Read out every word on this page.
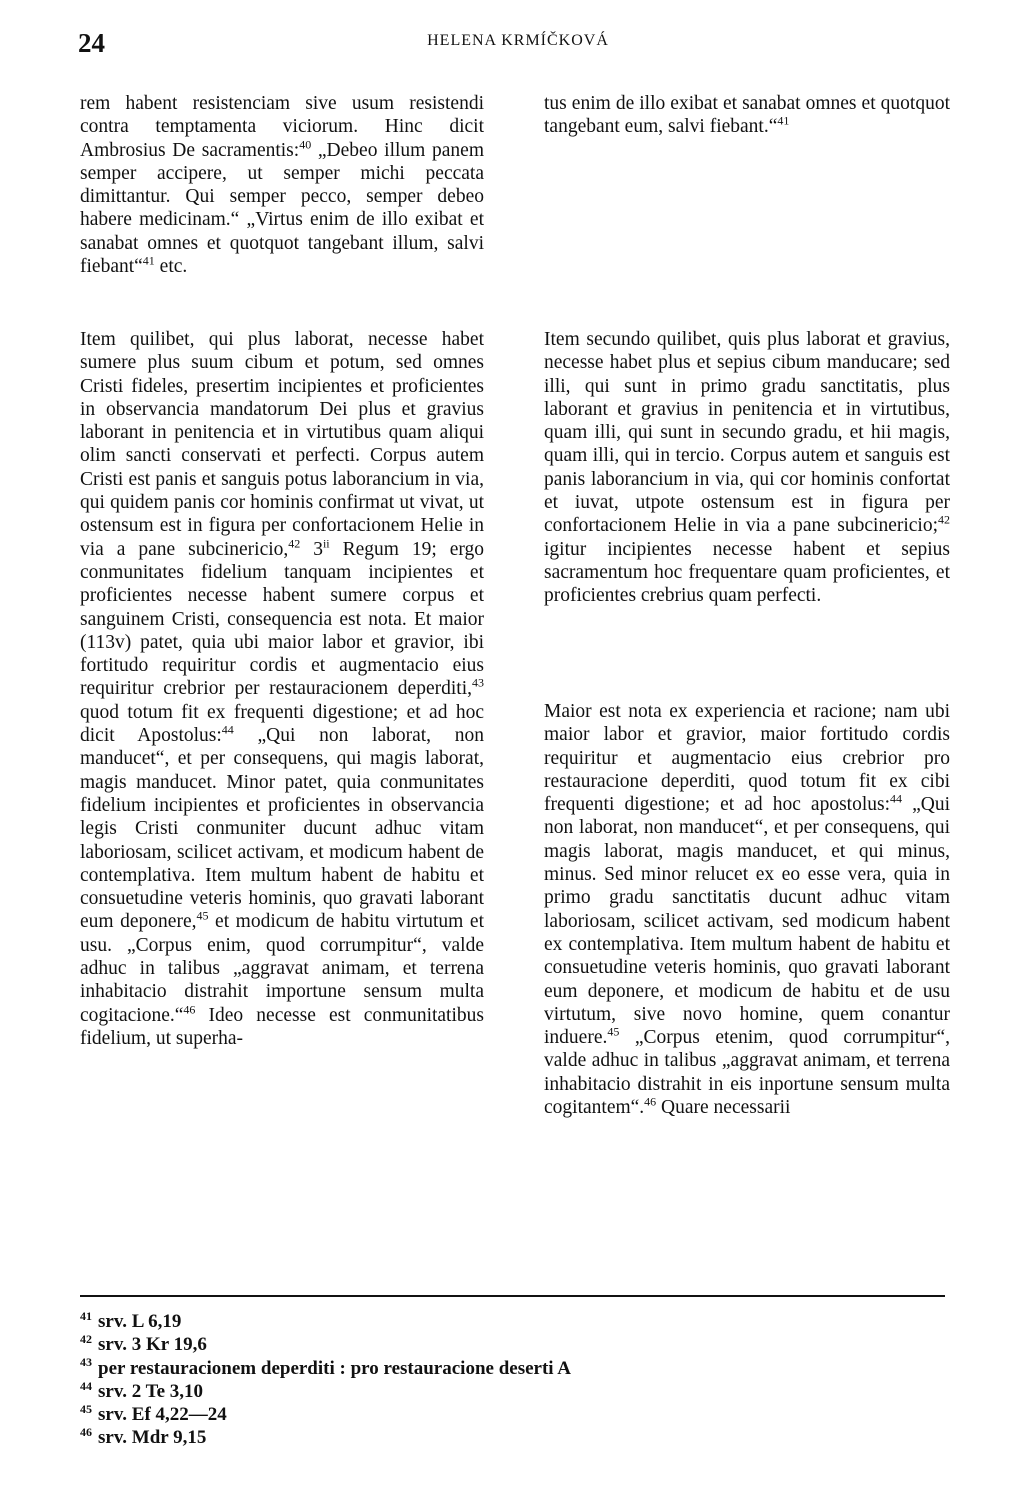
24	HELENA KRMÍČKOVÁ

rem habent resistenciam sive usum resistendi contra temptamenta viciorum. Hinc dicit Ambrosius De sacramentis:$^{40}$ „Debeo illum panem semper accipere, ut semper michi peccata dimittantur. Qui semper pecco, semper debeo habere medicinam.“ „Virtus enim de illo exibat et sanabat omnes et quotquot tangebant illum, salvi fiebant“$^{41}$ etc.

Item quilibet, qui plus laborat, necesse habet sumere plus suum cibum et potum, sed omnes Cristi fideles, presertim incipientes et proficientes in observancia mandatorum Dei plus et gravius laborant in penitencia et in virtutibus quam aliqui olim sancti conservati et perfecti. Corpus autem Cristi est panis et sanguis potus laborancium in via, qui quidem panis cor hominis confirmat ut vivat, ut ostensum est in figura per confortacionem Helie in via a pane subcinericio,$^{42}$ 3$^{ii}$ Regum 19; ergo conmunitates fidelium tanquam incipientes et proficientes necesse habent sumere corpus et sanguinem Cristi, consequencia est nota. Et maior (113v) patet, quia ubi maior labor et gravior, ibi fortitudo requiritur cordis et augmentacio eius requiritur crebrior per restauracionem deperditi,$^{43}$ quod totum fit ex frequenti digestione; et ad hoc dicit Apostolus:$^{44}$ „Qui non laborat, non manducet“, et per consequens, qui magis laborat, magis manducet. Minor patet, quia conmunitates fidelium incipientes et proficientes in observancia legis Cristi conmuniter ducunt adhuc vitam laboriosam, scilicet activam, et modicum habent de contemplativa. Item multum habent de habitu et consuetudine veteris hominis, quo gravati laborant eum deponere,$^{45}$ et modicum de habitu virtutum et usu. „Corpus enim, quod corrumpitur“, valde adhuc in talibus „aggravat animam, et terrena inhabitacio distrahit importune sensum multa cogitacione.“$^{46}$ Ideo necesse est conmunitatibus fidelium, ut superha-

tus enim de illo exibat et sanabat omnes et quotquot tangebant eum, salvi fiebant.“$^{41}$

Item secundo quilibet, quis plus laborat et gravius, necesse habet plus et sepius cibum manducare; sed illi, qui sunt in primo gradu sanctitatis, plus laborant et gravius in penitencia et in virtutibus, quam illi, qui sunt in secundo gradu, et hii magis, quam illi, qui in tercio. Corpus autem et sanguis est panis laborancium in via, qui cor hominis confortat et iuvat, utpote ostensum est in figura per confortacionem Helie in via a pane subcinericio;$^{42}$ igitur incipientes necesse habent et sepius sacramentum hoc frequentare quam proficientes, et proficientes crebrius quam perfecti.

Maior est nota ex experiencia et racione; nam ubi maior labor et gravior, maior fortitudo cordis requiritur et augmentacio eius crebrior pro restauracione deperditi, quod totum fit ex cibi frequenti digestione; et ad hoc apostolus:$^{44}$ „Qui non laborat, non manducet“, et per consequens, qui magis laborat, magis manducet, et qui minus, minus. Sed minor relucet ex eo esse vera, quia in primo gradu sanctitatis ducunt adhuc vitam laboriosam, scilicet activam, sed modicum habent ex contemplativa. Item multum habent de habitu et consuetudine veteris hominis, quo gravati laborant eum deponere, et modicum de habitu et de usu virtutum, sive novo homine, quem conantur induere.$^{45}$ „Corpus etenim, quod corrumpitur“, valde adhuc in talibus „aggravat animam, et terrena inhabitacio distrahit in eis inportune sensum multa cogitantem“.$^{46}$ Quare necessarii

$^{41}$ srv. L 6,19
$^{42}$ srv. 3 Kr 19,6
$^{43}$ per restauracionem deperditi : pro restauracione deserti A
$^{44}$ srv. 2 Te 3,10
$^{45}$ srv. Ef 4,22—24
$^{46}$ srv. Mdr 9,15
